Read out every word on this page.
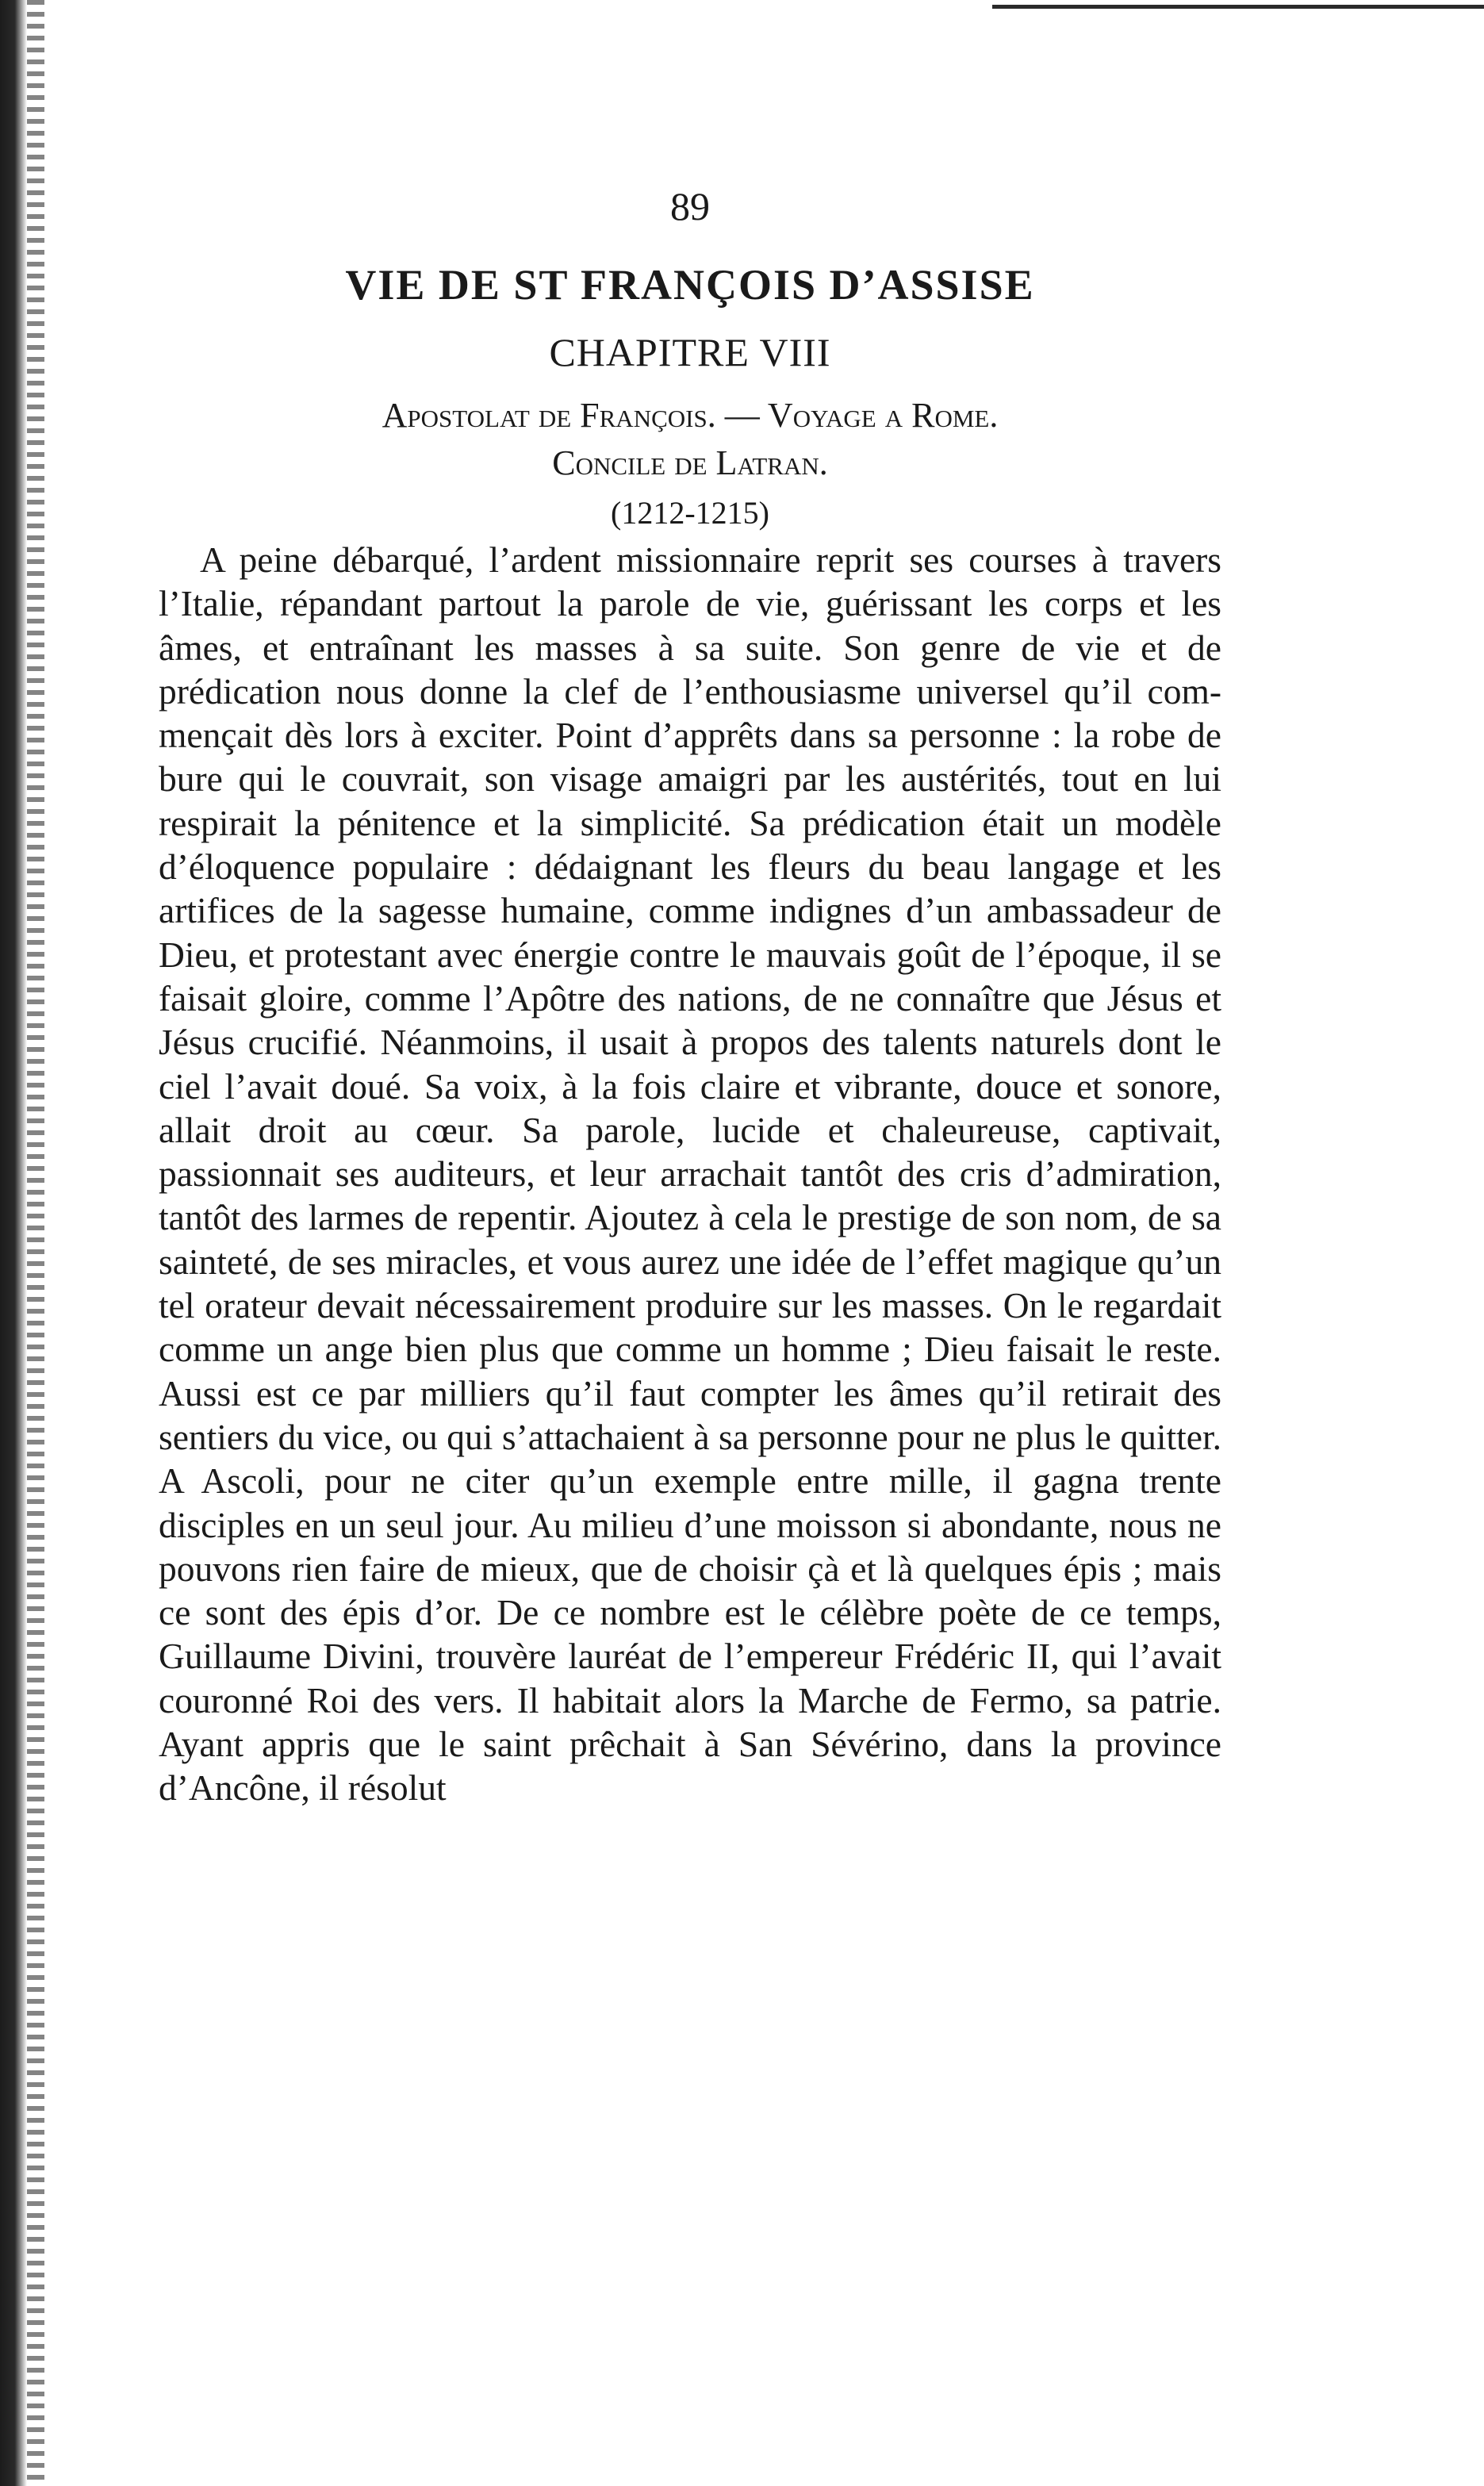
89
VIE DE ST FRANÇOIS D’ASSISE
CHAPITRE VIII
Apostolat de François. — Voyage a Rome.
Concile de Latran.
(1212-1215)

A peine débarqué, l’ardent missionnaire reprit ses courses à travers l’Italie, répandant partout la parole de vie, guérissant les corps et les âmes, et entraînant les masses à sa suite. Son genre de vie et de prédication nous donne la clef de l’enthousiasme universel qu’il commençait dès lors à exciter. Point d’apprêts dans sa personne : la robe de bure qui le couvrait, son visage amaigri par les austérités, tout en lui respirait la pénitence et la simplicité. Sa prédication était un modèle d’éloquence populaire : dédaignant les fleurs du beau langage et les artifices de la sagesse humaine, comme indignes d’un ambassadeur de Dieu, et protestant avec énergie contre le mauvais goût de l’époque, il se faisait gloire, comme l’Apôtre des nations, de ne connaître que Jésus et Jésus crucifié. Néanmoins, il usait à propos des talents naturels dont le ciel l’avait doué. Sa voix, à la fois claire et vibrante, douce et sonore, allait droit au cœur. Sa parole, lucide et chaleureuse, captivait, passionnait ses auditeurs, et leur arrachait tantôt des cris d’admiration, tantôt des larmes de repentir. Ajoutez à cela le prestige de son nom, de sa sainteté, de ses miracles, et vous aurez une idée de l’effet magique qu’un tel orateur devait nécessairement produire sur les masses. On le regardait comme un ange bien plus que comme un homme ; Dieu faisait le reste. Aussi est ce par milliers qu’il faut compter les âmes qu’il retirait des sentiers du vice, ou qui s’attachaient à sa personne pour ne plus le quitter. A Ascoli, pour ne citer qu’un exemple entre mille, il gagna trente disciples en un seul jour. Au milieu d’une moisson si abondante, nous ne pouvons rien faire de mieux, que de choisir çà et là quelques épis ; mais ce sont des épis d’or. De ce nombre est le célèbre poète de ce temps, Guillaume Divini, trouvère lauréat de l’empereur Frédéric II, qui l’avait couronné Roi des vers. Il habitait alors la Marche de Fermo, sa patrie. Ayant appris que le saint prêchait à San Sévérino, dans la province d’Ancône, il résolut
